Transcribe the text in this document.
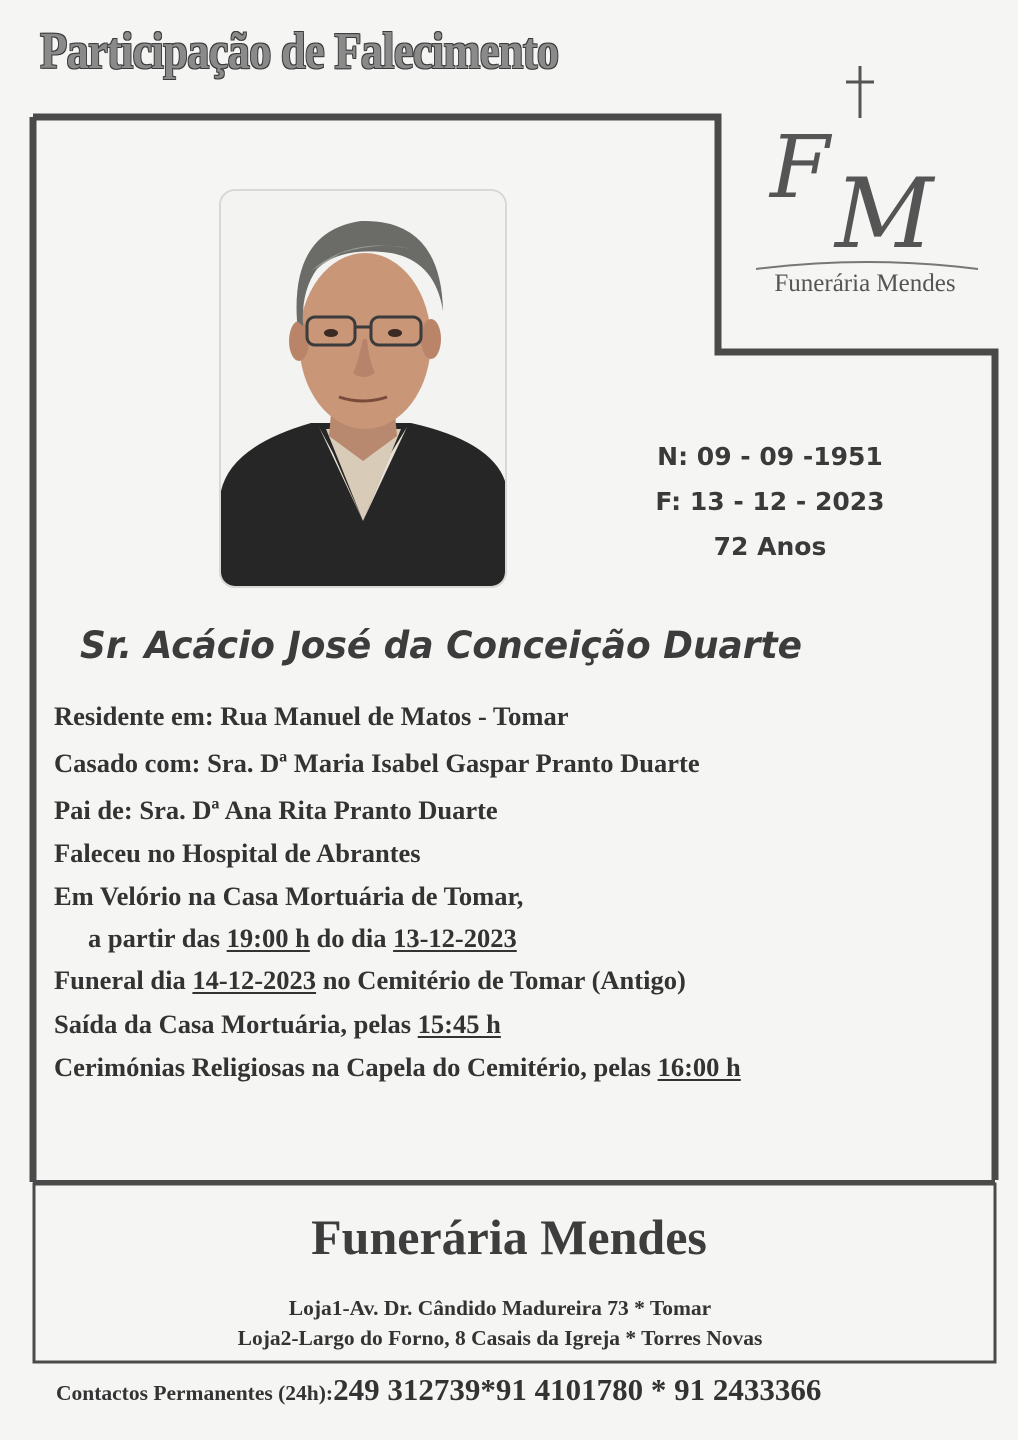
Participação de Falecimento
F M
Funerária Mendes
N: 09 - 09 -1951
F: 13 - 12 - 2023
72 Anos
Sr. Acácio José da Conceição Duarte
Residente em: Rua Manuel de Matos - Tomar
Casado com: Sra. Dª Maria Isabel Gaspar Pranto Duarte
Pai de: Sra. Dª Ana Rita Pranto Duarte
Faleceu no Hospital de Abrantes
Em Velório na Casa Mortuária de Tomar,
a partir das 19:00 h do dia 13-12-2023
Funeral dia 14-12-2023 no Cemitério de Tomar (Antigo)
Saída da Casa Mortuária, pelas 15:45 h
Cerimónias Religiosas na Capela do Cemitério, pelas 16:00 h
Funerária Mendes
Loja1-Av. Dr. Cândido Madureira 73 * Tomar
Loja2-Largo do Forno, 8 Casais da Igreja * Torres Novas
Contactos Permanentes (24h):249 312739*91 4101780 * 91 2433366
